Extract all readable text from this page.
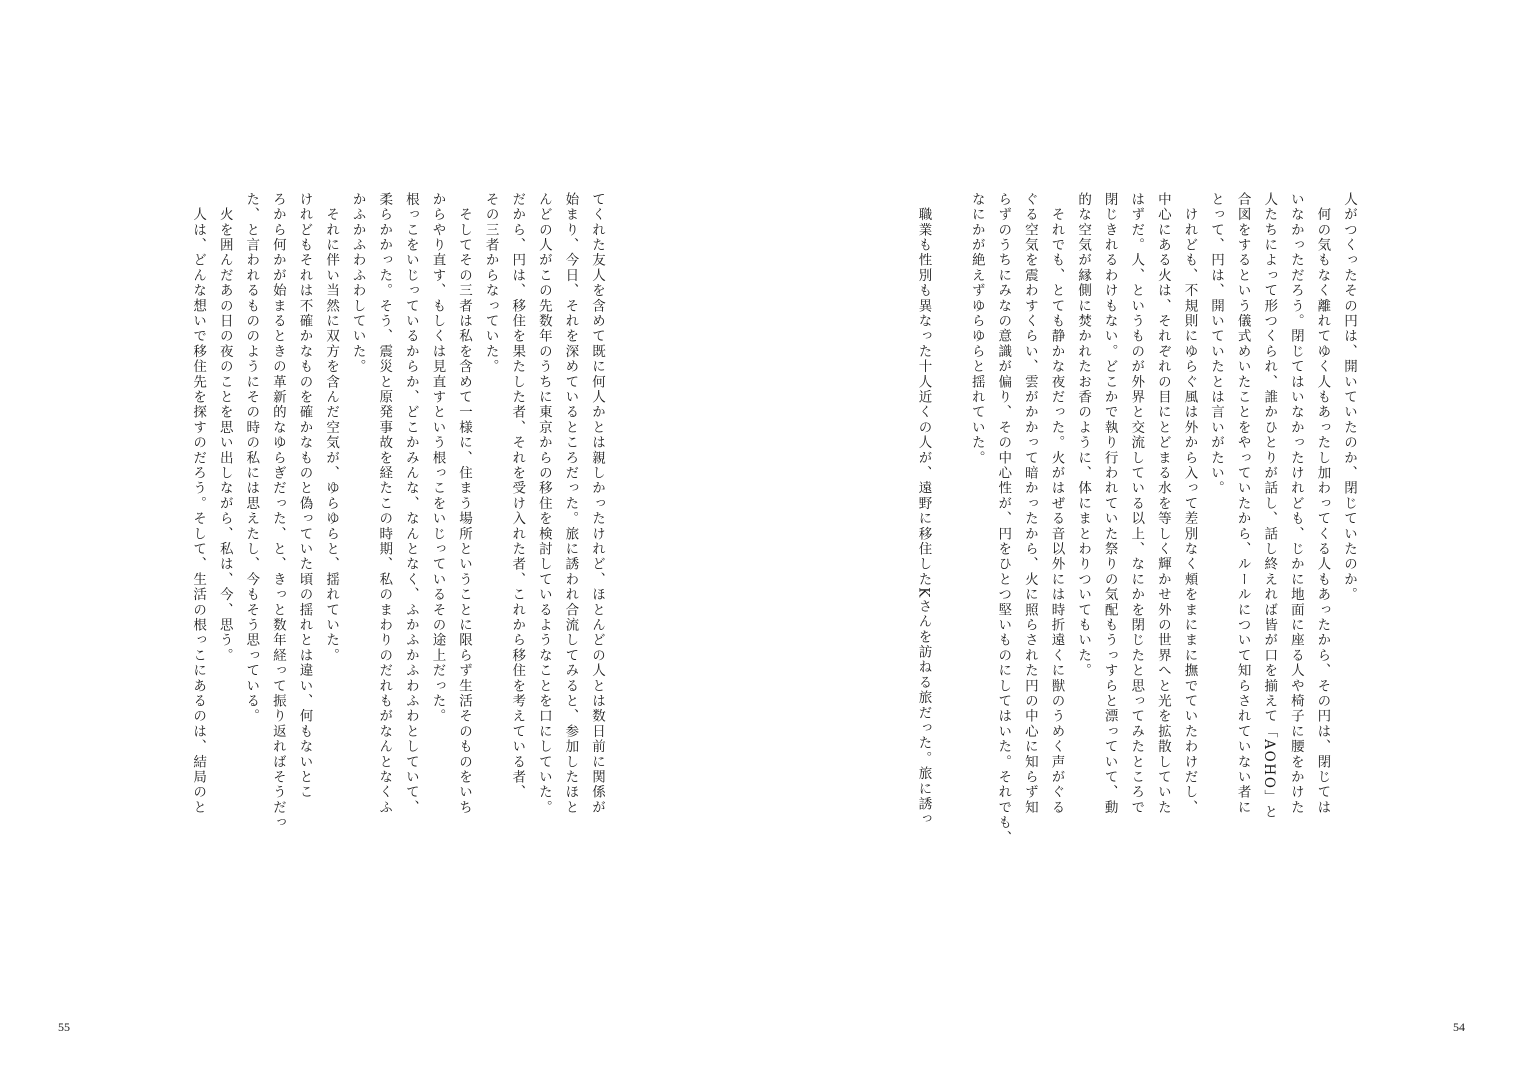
てくれた友人を含めて既に何人かとは親しかったけれど、ほとんどの人とは数日前に関係が
始まり、今日、それを深めているところだった。旅に誘われ合流してみると、参加したほと
んどの人がこの先数年のうちに東京からの移住を検討しているようなことを口にしていた。
だから、円は、移住を果たした者、それを受け入れた者、これから移住を考えている者、
その三者からなっていた。
　そしてその三者は私を含めて一様に、住まう場所ということに限らず生活そのものをいち
からやり直す、もしくは見直すという根っこをいじっているその途上だった。
根っこをいじっているからか、どこかみんな、なんとなく、ふかふかふわふわとしていて、
柔らかかった。そう、震災と原発事故を経たこの時期、私のまわりのだれもがなんとなくふ
かふかふわふわしていた。
　それに伴い当然に双方を含んだ空気が、ゆらゆらと、揺れていた。
けれどもそれは不確かなものを確かなものと偽っていた頃の揺れとは違い、何もないとこ
ろから何かが始まるときの革新的なゆらぎだった、と、きっと数年経って振り返ればそうだっ
た、と言われるもののようにその時の私には思えたし、今もそう思っている。
　火を囲んだあの日の夜のことを思い出しながら、私は、今、思う。
　人は、どんな想いで移住先を探すのだろう。そして、生活の根っこにあるのは、結局のと
55
人がつくったその円は、開いていたのか、閉じていたのか。
　何の気もなく離れてゆく人もあったし加わってくる人もあったから、その円は、閉じては
いなかっただろう。閉じてはいなかったけれども、じかに地面に座る人や椅子に腰をかけた
人たちによって形つくられ、誰かひとりが話し、話し終えれば皆が口を揃えて「AOHO」と
合図をするという儀式めいたことをやっていたから、ルールについて知らされていない者に
とって、円は、開いていたとは言いがたい。
　けれども、不規則にゆらぐ風は外から入って差別なく頬をまにまに撫でていたわけだし、
中心にある火は、それぞれの目にとどまる水を等しく輝かせ外の世界へと光を拡散していた
はずだ。人、というものが外界と交流している以上、なにかを閉じたと思ってみたところで
閉じきれるわけもない。どこかで執り行われていた祭りの気配もうっすらと漂っていて、動
的な空気が縁側に焚かれたお香のように、体にまとわりついてもいた。
　それでも、とても静かな夜だった。火がはぜる音以外には時折遠くに獣のうめく声がぐる
ぐる空気を震わすくらい、雲がかかって暗かったから、火に照らされた円の中心に知らず知
らずのうちにみなの意識が偏り、その中心性が、円をひとつ堅いものにしてはいた。それでも、
なにかが絶えずゆらゆらと揺れていた。
　職業も性別も異なった十人近くの人が、遠野に移住したKさんを訪ねる旅だった。旅に誘っ
54
